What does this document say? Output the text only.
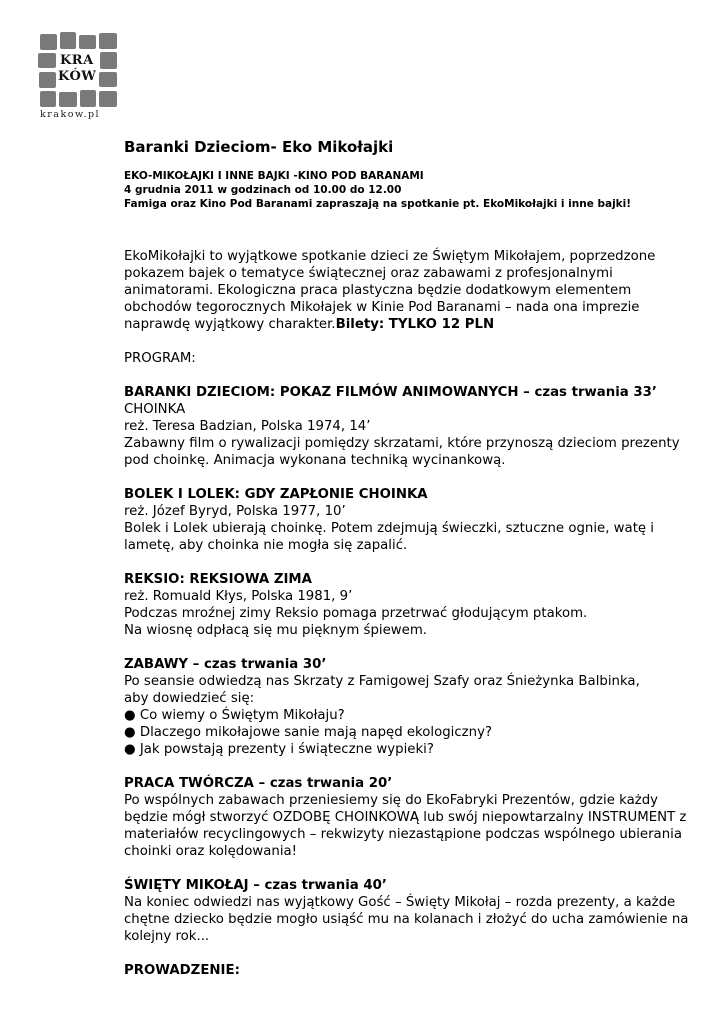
KRA
KÓW
krakow.pl

Baranki Dzieciom- Eko Mikołajki

EKO-MIKOŁAJKI I INNE BAJKI -KINO POD BARANAMI

4 grudnia 2011 w godzinach od 10.00 do 12.00

Famiga oraz Kino Pod Baranami zapraszają na spotkanie pt. EkoMikołajki i inne bajki!

EkoMikołajki to wyjątkowe spotkanie dzieci ze Świętym Mikołajem, poprzedzone

pokazem bajek o tematyce świątecznej oraz zabawami z profesjonalnymi

animatorami. Ekologiczna praca plastyczna będzie dodatkowym elementem

obchodów tegorocznych Mikołajek w Kinie Pod Baranami – nada ona imprezie

naprawdę wyjątkowy charakter.Bilety: TYLKO 12 PLN

PROGRAM:

BARANKI DZIECIOM: POKAZ FILMÓW ANIMOWANYCH – czas trwania 33’

CHOINKA

reż. Teresa Badzian, Polska 1974, 14’

Zabawny film o rywalizacji pomiędzy skrzatami, które przynoszą dzieciom prezenty

pod choinkę. Animacja wykonana techniką wycinankową.

BOLEK I LOLEK: GDY ZAPŁONIE CHOINKA

reż. Józef Byryd, Polska 1977, 10’

Bolek i Lolek ubierają choinkę. Potem zdejmują świeczki, sztuczne ognie, watę i

lametę, aby choinka nie mogła się zapalić.

REKSIO: REKSIOWA ZIMA

reż. Romuald Kłys, Polska 1981, 9’

Podczas mroźnej zimy Reksio pomaga przetrwać głodującym ptakom.

Na wiosnę odpłacą się mu pięknym śpiewem.

ZABAWY – czas trwania 30’

Po seansie odwiedzą nas Skrzaty z Famigowej Szafy oraz Śnieżynka Balbinka,

aby dowiedzieć się:

● Co wiemy o Świętym Mikołaju?

● Dlaczego mikołajowe sanie mają napęd ekologiczny?

● Jak powstają prezenty i świąteczne wypieki?

PRACA TWÓRCZA – czas trwania 20’

Po wspólnych zabawach przeniesiemy się do EkoFabryki Prezentów, gdzie każdy

będzie mógł stworzyć OZDOBĘ CHOINKOWĄ lub swój niepowtarzalny INSTRUMENT z

materiałów recyclingowych – rekwizyty niezastąpione podczas wspólnego ubierania

choinki oraz kolędowania!

ŚWIĘTY MIKOŁAJ – czas trwania 40’

Na koniec odwiedzi nas wyjątkowy Gość – Święty Mikołaj – rozda prezenty, a każde

chętne dziecko będzie mogło usiąść mu na kolanach i złożyć do ucha zamówienie na

kolejny rok...

PROWADZENIE:
